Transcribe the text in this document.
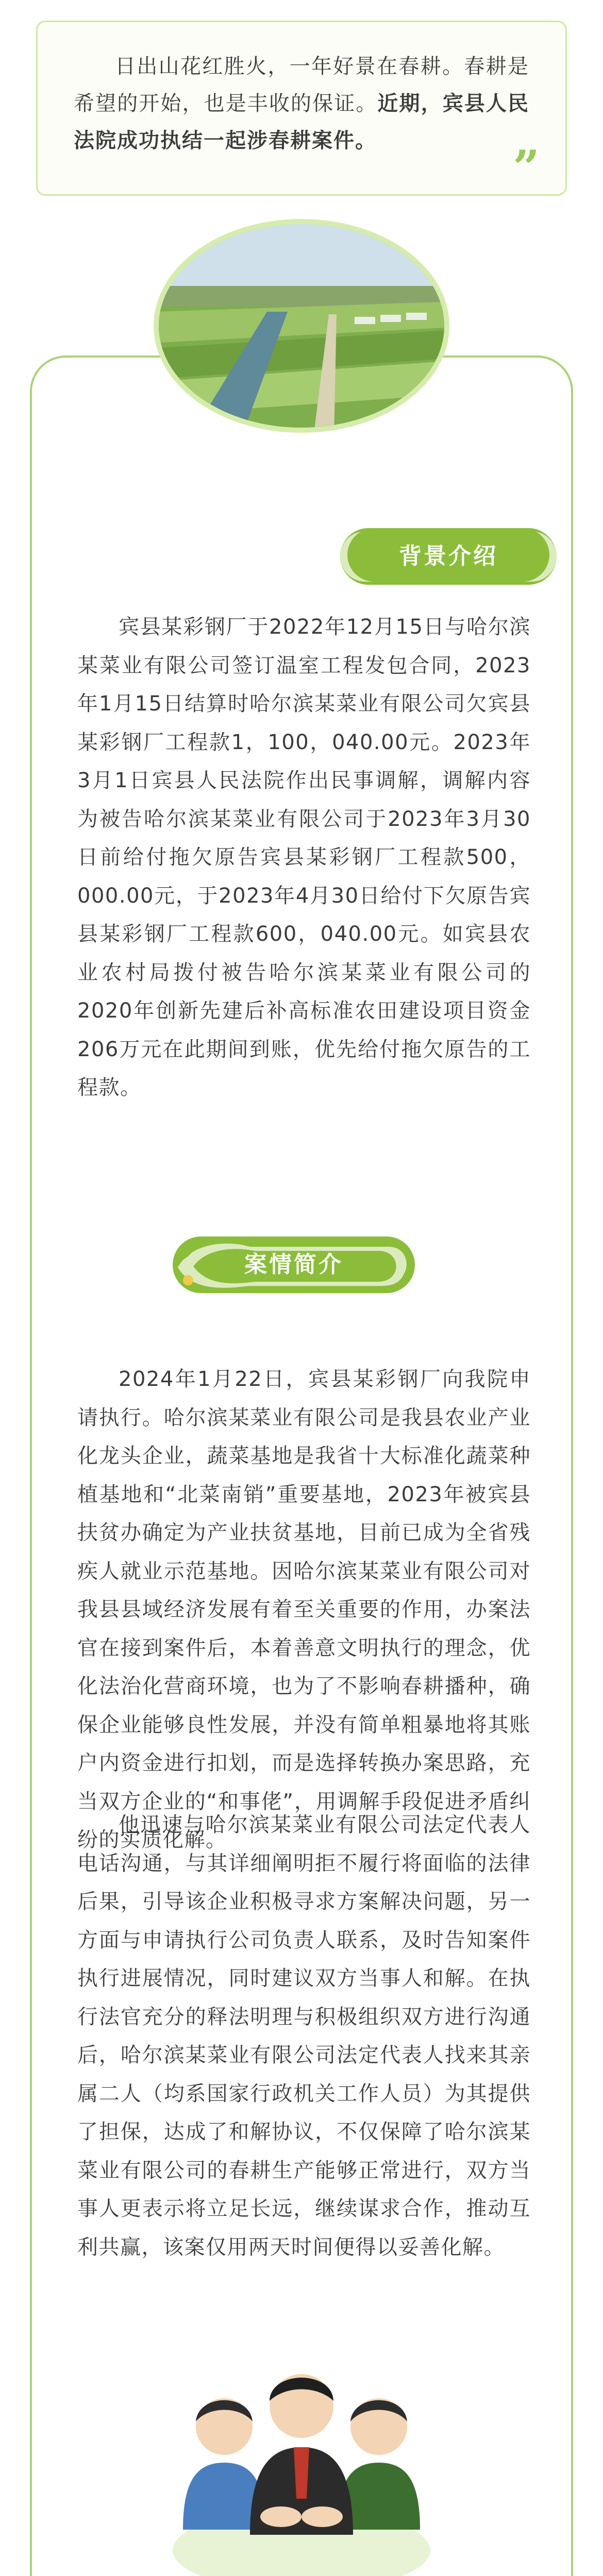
日出山花红胜火，一年好景在春耕。春耕是希望的开始，也是丰收的保证。近期，宾县人民法院成功执结一起涉春耕案件。	”
背景介绍

宾县某彩钢厂于2022年12月15日与哈尔滨某菜业有限公司签订温室工程发包合同，2023年1月15日结算时哈尔滨某菜业有限公司欠宾县某彩钢厂工程款1，100，040.00元。2023年3月1日宾县人民法院作出民事调解，调解内容为被告哈尔滨某菜业有限公司于2023年3月30日前给付拖欠原告宾县某彩钢厂工程款500，000.00元，于2023年4月30日给付下欠原告宾县某彩钢厂工程款600，040.00元。如宾县农业农村局拨付被告哈尔滨某菜业有限公司的2020年创新先建后补高标准农田建设项目资金206万元在此期间到账，优先给付拖欠原告的工程款。

案情简介

2024年1月22日，宾县某彩钢厂向我院申请执行。哈尔滨某菜业有限公司是我县农业产业化龙头企业，蔬菜基地是我省十大标准化蔬菜种植基地和“北菜南销”重要基地，2023年被宾县扶贫办确定为产业扶贫基地，目前已成为全省残疾人就业示范基地。因哈尔滨某菜业有限公司对我县县域经济发展有着至关重要的作用，办案法官在接到案件后，本着善意文明执行的理念，优化法治化营商环境，也为了不影响春耕播种，确保企业能够良性发展，并没有简单粗暴地将其账户内资金进行扣划，而是选择转换办案思路，充当双方企业的“和事佬”，用调解手段促进矛盾纠纷的实质化解。

他迅速与哈尔滨某菜业有限公司法定代表人电话沟通，与其详细阐明拒不履行将面临的法律后果，引导该企业积极寻求方案解决问题，另一方面与申请执行公司负责人联系，及时告知案件执行进展情况，同时建议双方当事人和解。在执行法官充分的释法明理与积极组织双方进行沟通后，哈尔滨某菜业有限公司法定代表人找来其亲属二人（均系国家行政机关工作人员）为其提供了担保，达成了和解协议，不仅保障了哈尔滨某菜业有限公司的春耕生产能够正常进行，双方当事人更表示将立足长远，继续谋求合作，推动互利共赢，该案仅用两天时间便得以妥善化解。
